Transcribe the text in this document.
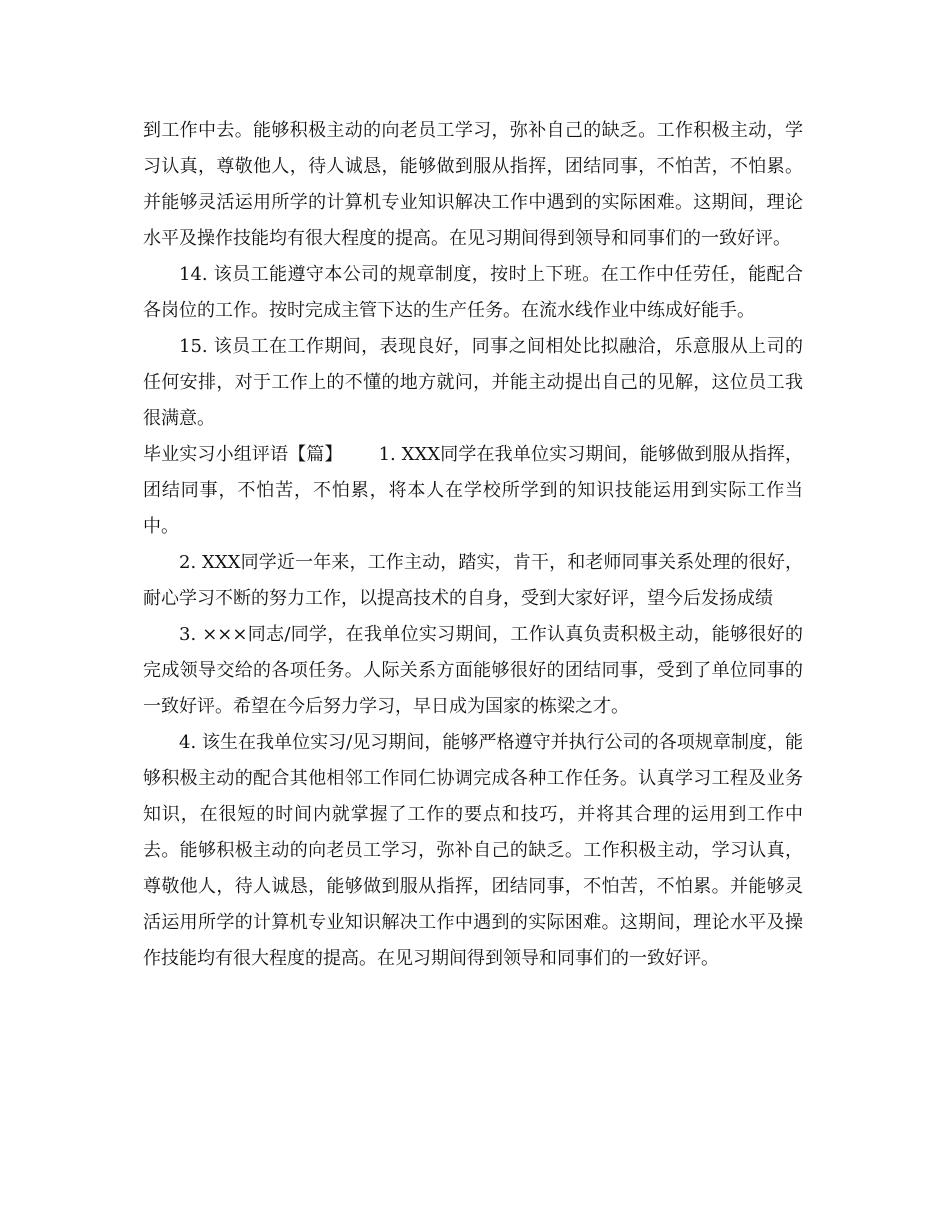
到工作中去。能够积极主动的向老员工学习，弥补自己的缺乏。工作积极主动，学习认真，尊敬他人，待人诚恳，能够做到服从指挥，团结同事，不怕苦，不怕累。并能够灵活运用所学的计算机专业知识解决工作中遇到的实际困难。这期间，理论水平及操作技能均有很大程度的提高。在见习期间得到领导和同事们的一致好评。

14. 该员工能遵守本公司的规章制度，按时上下班。在工作中任劳任，能配合各岗位的工作。按时完成主管下达的生产任务。在流水线作业中练成好能手。

15. 该员工在工作期间，表现良好，同事之间相处比拟融洽，乐意服从上司的任何安排，对于工作上的不懂的地方就问，并能主动提出自己的见解，这位员工我很满意。

毕业实习小组评语【篇】 1. XXX同学在我单位实习期间，能够做到服从指挥，团结同事，不怕苦，不怕累，将本人在学校所学到的知识技能运用到实际工作当中。

2. XXX同学近一年来，工作主动，踏实，肯干，和老师同事关系处理的很好，耐心学习不断的努力工作，以提高技术的自身，受到大家好评，望今后发扬成绩

3. ×××同志/同学，在我单位实习期间，工作认真负责积极主动，能够很好的完成领导交给的各项任务。人际关系方面能够很好的团结同事，受到了单位同事的一致好评。希望在今后努力学习，早日成为国家的栋梁之才。

4. 该生在我单位实习/见习期间，能够严格遵守并执行公司的各项规章制度，能够积极主动的配合其他相邻工作同仁协调完成各种工作任务。认真学习工程及业务知识，在很短的时间内就掌握了工作的要点和技巧，并将其合理的运用到工作中去。能够积极主动的向老员工学习，弥补自己的缺乏。工作积极主动，学习认真，尊敬他人，待人诚恳，能够做到服从指挥，团结同事，不怕苦，不怕累。并能够灵活运用所学的计算机专业知识解决工作中遇到的实际困难。这期间，理论水平及操作技能均有很大程度的提高。在见习期间得到领导和同事们的一致好评。
